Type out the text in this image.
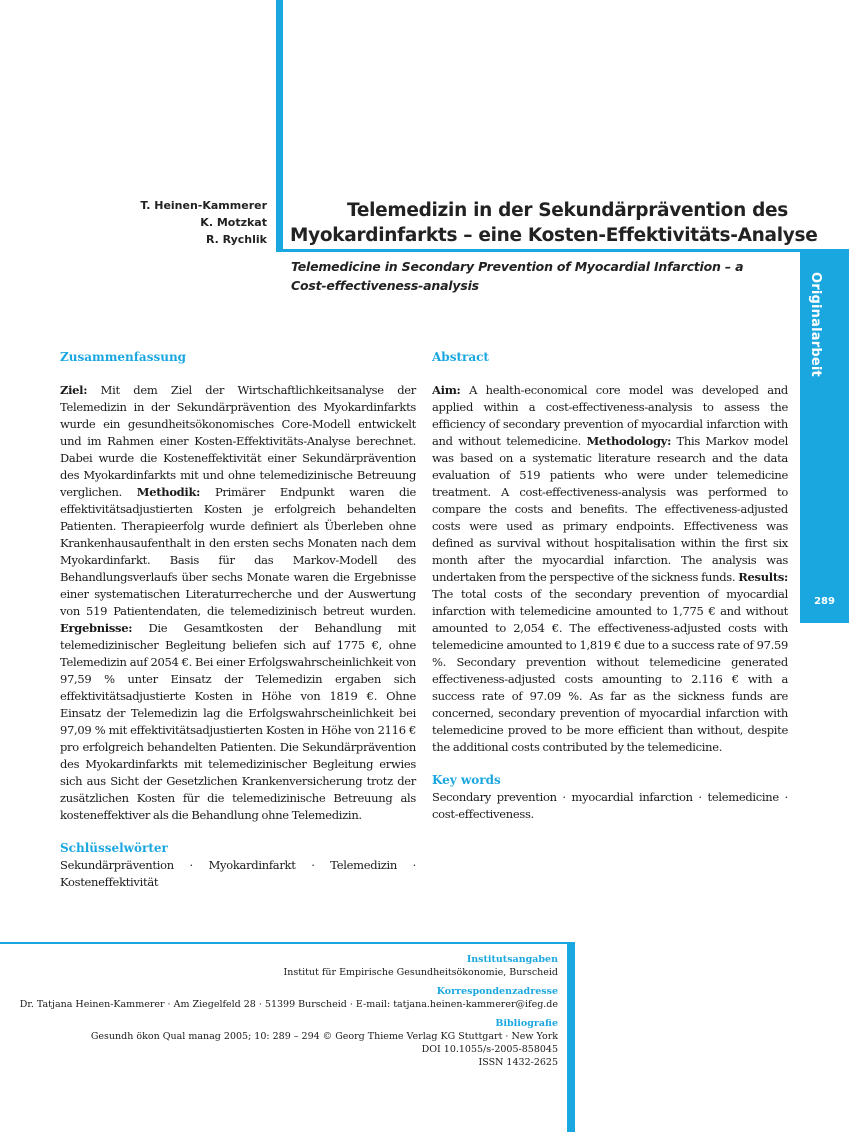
Originalarbeit
289
T. Heinen-Kammerer
K. Motzkat
R. Rychlik
Telemedizin in der Sekundärprävention des
Myokardinfarkts – eine Kosten-Effektivitäts-Analyse
Telemedicine in Secondary Prevention of Myocardial Infarction – a Cost-effectiveness-analysis
Zusammenfassung

Ziel: Mit dem Ziel der Wirtschaftlichkeitsanalyse der Telemedizin in der Sekundärprävention des Myokardinfarkts wurde ein gesundheitsökonomisches Core-Modell entwickelt und im Rahmen einer Kosten-Effektivitäts-Analyse berechnet. Dabei wurde die Kosteneffektivität einer Sekundärprävention des Myokardinfarkts mit und ohne telemedizinische Betreuung verglichen. Methodik: Primärer Endpunkt waren die effektivitätsadjustierten Kosten je erfolgreich behandelten Patienten. Therapieerfolg wurde definiert als Überleben ohne Krankenhausaufenthalt in den ersten sechs Monaten nach dem Myokardinfarkt. Basis für das Markov-Modell des Behandlungsverlaufs über sechs Monate waren die Ergebnisse einer systematischen Literaturrecherche und der Auswertung von 519 Patientendaten, die telemedizinisch betreut wurden. Ergebnisse: Die Gesamtkosten der Behandlung mit telemedizinischer Begleitung beliefen sich auf 1775 €, ohne Telemedizin auf 2054 €. Bei einer Erfolgswahrscheinlichkeit von 97,59 % unter Einsatz der Telemedizin ergaben sich effektivitätsadjustierte Kosten in Höhe von 1819 €. Ohne Einsatz der Telemedizin lag die Erfolgswahrscheinlichkeit bei 97,09 % mit effektivitätsadjustierten Kosten in Höhe von 2116 € pro erfolgreich behandelten Patienten. Die Sekundärprävention des Myokardinfarkts mit telemedizinischer Begleitung erwies sich aus Sicht der Gesetzlichen Krankenversicherung trotz der zusätzlichen Kosten für die telemedizinische Betreuung als kosteneffektiver als die Behandlung ohne Telemedizin.

Schlüsselwörter

Sekundärprävention · Myokardinfarkt · Telemedizin · Kosteneffektivität

Abstract

Aim: A health-economical core model was developed and applied within a cost-effectiveness-analysis to assess the efficiency of secondary prevention of myocardial infarction with and without telemedicine. Methodology: This Markov model was based on a systematic literature research and the data evaluation of 519 patients who were under telemedicine treatment. A cost-effectiveness-analysis was performed to compare the costs and benefits. The effectiveness-adjusted costs were used as primary endpoints. Effectiveness was defined as survival without hospitalisation within the first six month after the myocardial infarction. The analysis was undertaken from the perspective of the sickness funds. Results: The total costs of the secondary prevention of myocardial infarction with telemedicine amounted to 1,775 € and without amounted to 2,054 €. The effectiveness-adjusted costs with telemedicine amounted to 1,819 € due to a success rate of 97.59 %. Secondary prevention without telemedicine generated effectiveness-adjusted costs amounting to 2.116 € with a success rate of 97.09 %. As far as the sickness funds are concerned, secondary prevention of myocardial infarction with telemedicine proved to be more efficient than without, despite the additional costs contributed by the telemedicine.

Key words

Secondary prevention · myocardial infarction · telemedicine · cost-effectiveness.

Institutsangaben
Institut für Empirische Gesundheitsökonomie, Burscheid
Korrespondenzadresse
Dr. Tatjana Heinen-Kammerer · Am Ziegelfeld 28 · 51399 Burscheid · E-mail: tatjana.heinen-kammerer@ifeg.de
Bibliografie
Gesundh ökon Qual manag 2005; 10: 289 – 294 © Georg Thieme Verlag KG Stuttgart · New York
DOI 10.1055/s-2005-858045
ISSN 1432-2625
